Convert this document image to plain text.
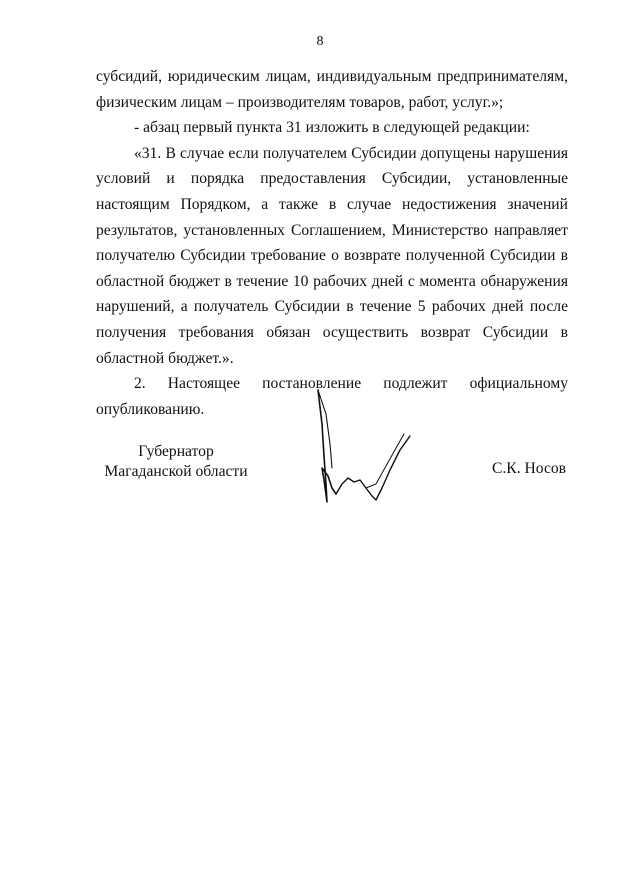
8

субсидий, юридическим лицам, индивидуальным предпринимателям, физическим лицам – производителям товаров, работ, услуг.»;

- абзац первый пункта 31 изложить в следующей редакции:

«31. В случае если получателем Субсидии допущены нарушения условий и порядка предоставления Субсидии, установленные настоящим Порядком, а также в случае недостижения значений результатов, установленных Соглашением, Министерство направляет получателю Субсидии требование о возврате полученной Субсидии в областной бюджет в течение 10 рабочих дней с момента обнаружения нарушений, а получатель Субсидии в течение 5 рабочих дней после получения требования обязан осуществить возврат Субсидии в областной бюджет.».

2. Настоящее постановление подлежит официальному опубликованию.

Губернатор
Магаданской области	С.К. Носов
